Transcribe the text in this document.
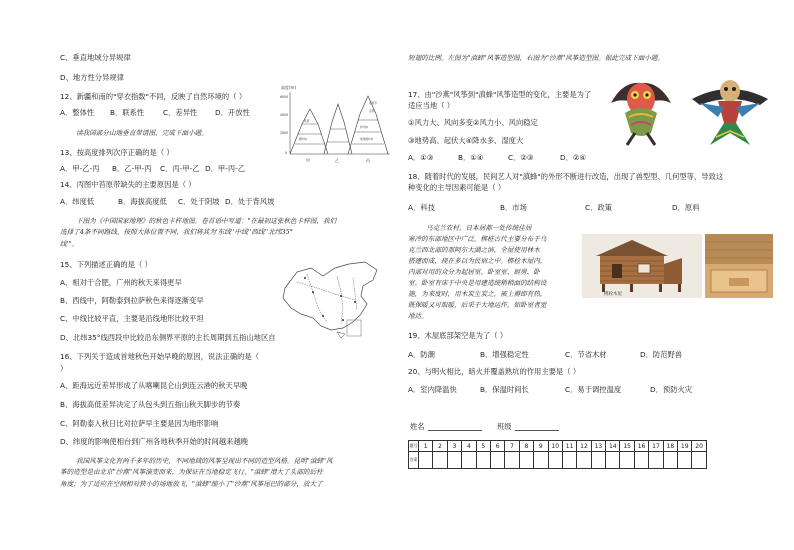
C、垂直地域分异规律
D、地方性分异规律
12、新疆和南的"穿衣指数"不同，反映了自然环境的（ ）
A．整体性 B．联系性	C．差异性 D．开放性
读我国部分山地垂直带谱图，完成下面小题。
13、按高度排列次序正确的是（ ）
A．甲-乙-丙 B．乙-甲-丙 C．丙-甲-乙 D．甲-丙-乙
14、丙图中苔原带缺失的主要原因是（ ）
A．纬度低	B．海拔高度低 C．处于阴坡 D．处于背风坡
高度(m)
6000
4000
2000
0
甲	乙	丙
冰雪带
苔原
草原
针叶林
阔叶林	常绿阔叶林
下图为《中国国家地理》的秋色卡样地图。卷首语中写道："在最初这张秋色卡样图，我们
选择了4条不同路线，按照大体位置不同，我们将其为'东线''中线''西线''北纬35°
线'"。
15、下列描述正确的是（ ）
A、相对于合肥，广州的秋天来得更早
B、西线中，阿勒泰到拉萨秋色来得逐渐变早
C、中线比较平直，主要是沿线地形比较平坦
D、北纬35°线西段中比较沿东侧界平原的主长周期到五指山地区自
16、下列关于造成首地秋色开始早晚的原因，说法正确的是（
）
A、距海远近差异形成了从喀喇昆仑山到连云港的秋天早晚
B、海拔高低差异决定了从包头到五指山秋天脚步的节奏
C、阿勒泰入秋日比对拉萨早主要是因为地形影响
D、纬度的影响使相台到广州各地秋季开始的时间越来越晚
我国风筝文化有两千多年的历史，不同地域的风筝呈现出不同的造型风格。昆明"滇蜂"风
筝的造型是由北京"沙燕"风筝演变而来，为保证在当地稳定飞行，"滇蜂"增大了头部的后柱
角度；为了适应在空间相对狭小的场地放飞，"滇蜂"缩小了"沙燕"风筝尾巴的部分，放大了
短翅的比例。左图为"滇蜂"风筝造型图，右图为"沙燕"风筝造型图。据此完成下面小题。
17、由"沙燕"风筝到"滇蜂"风筝造型的变化，主要是为了
适应当地（ ）
①风力大、风向多变②风力小、风向稳定
③地势高、起伏大④降水多、湿度大
A．①③	B．①④	C．②③	D．②④
18、随着时代的发展，民间艺人对"滇蜂"的外形不断进行改造，出现了兽型型、几何型等，导致这
种变化的主导因素可能是（ ）
A．科技	B．市场	C．政策	D．原料
乌克兰农村，日本居都一处传统佳居
寒冷的东部地区中广泛。梆桩古代主要分布于乌
克兰西北部的那阿尔大湖之滨，全屋使用林木
搭建而成，现在多以为民宿之中。梆栓木屋内，
内部对用的众分为起居室、卧室室、厨房、卧
室。卧室有床于中央是用建造统稍稍面的结构设
施，为来度时，用木炭生炭之，被上褥即有热，
既保暖又可取暖，后采于大地运作，如卧室者宽
地达。
梆栓木屋
19、木屋底部架空是为了（ ）
A．防潮	B．增强稳定性	C．节省木材	D．防范野兽
20、与明火相比，暗火并覆盖熟坑的作用主要是（ ）
A．室内降温快	B．保温时间长	C．易于调控温度	D．预防火灾
姓名	班级
题号	1	2	3	4	5	6	7	8	9	10	11	12	13	14	15	16	17	18	19	20
答案																				
